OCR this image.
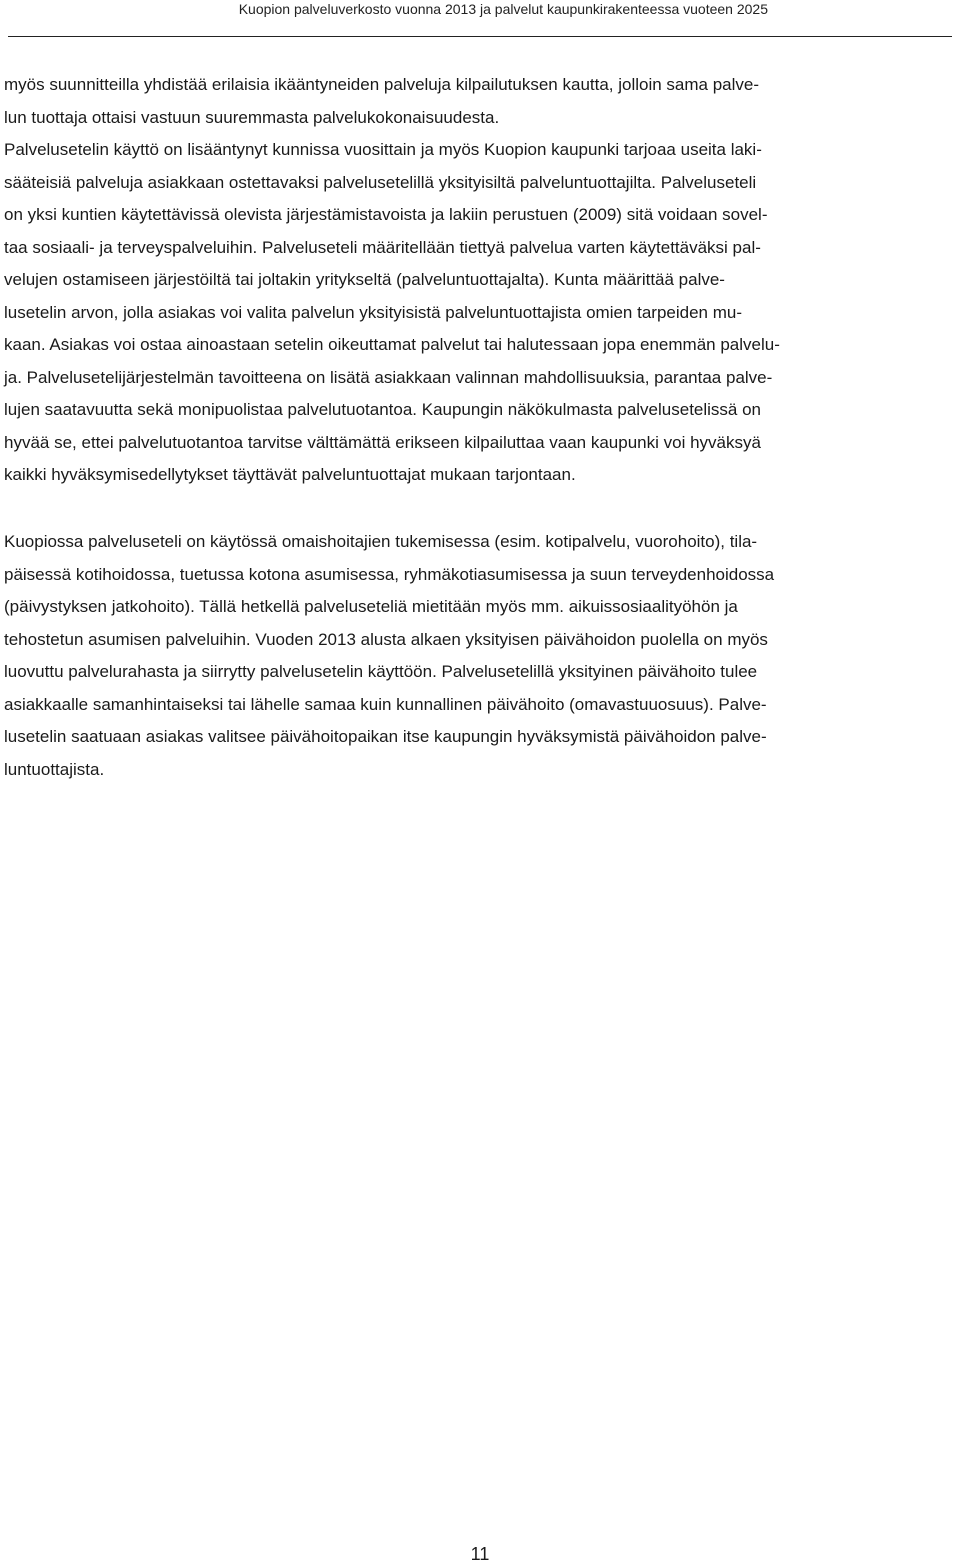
Kuopion palveluverkosto vuonna 2013 ja palvelut kaupunkirakenteessa vuoteen 2025

myös suunnitteilla yhdistää erilaisia ikääntyneiden palveluja kilpailutuksen kautta, jolloin sama palve-
lun tuottaja ottaisi vastuun suuremmasta palvelukokonaisuudesta.
Palvelusetelin käyttö on lisääntynyt kunnissa vuosittain ja myös Kuopion kaupunki tarjoaa useita laki-
sääteisiä palveluja asiakkaan ostettavaksi palvelusetelillä yksityisiltä palveluntuottajilta. Palveluseteli
on yksi kuntien käytettävissä olevista järjestämistavoista ja lakiin perustuen (2009) sitä voidaan sovel-
taa sosiaali- ja terveyspalveluihin. Palveluseteli määritellään tiettyä palvelua varten käytettäväksi pal-
velujen ostamiseen järjestöiltä tai joltakin yritykseltä (palveluntuottajalta). Kunta määrittää palve-
lusetelin arvon, jolla asiakas voi valita palvelun yksityisistä palveluntuottajista omien tarpeiden mu-
kaan. Asiakas voi ostaa ainoastaan setelin oikeuttamat palvelut tai halutessaan jopa enemmän palvelu-
ja. Palvelusetelijärjestelmän tavoitteena on lisätä asiakkaan valinnan mahdollisuuksia, parantaa palve-
lujen saatavuutta sekä monipuolistaa palvelutuotantoa. Kaupungin näkökulmasta palvelusetelissä on
hyvää se, ettei palvelutuotantoa tarvitse välttämättä erikseen kilpailuttaa vaan kaupunki voi hyväksyä
kaikki hyväksymisedellytykset täyttävät palveluntuottajat mukaan tarjontaan.

Kuopiossa palveluseteli on käytössä omaishoitajien tukemisessa (esim. kotipalvelu, vuorohoito), tila-
päisessä kotihoidossa, tuetussa kotona asumisessa, ryhmäkotiasumisessa ja suun terveydenhoidossa
(päivystyksen jatkohoito). Tällä hetkellä palveluseteliä mietitään myös mm. aikuissosiaalityöhön ja
tehostetun asumisen palveluihin. Vuoden 2013 alusta alkaen yksityisen päivähoidon puolella on myös
luovuttu palvelurahasta ja siirrytty palvelusetelin käyttöön. Palvelusetelillä yksityinen päivähoito tulee
asiakkaalle samanhintaiseksi tai lähelle samaa kuin kunnallinen päivähoito (omavastuuosuus). Palve-
lusetelin saatuaan asiakas valitsee päivähoitopaikan itse kaupungin hyväksymistä päivähoidon palve-
luntuottajista.

11
